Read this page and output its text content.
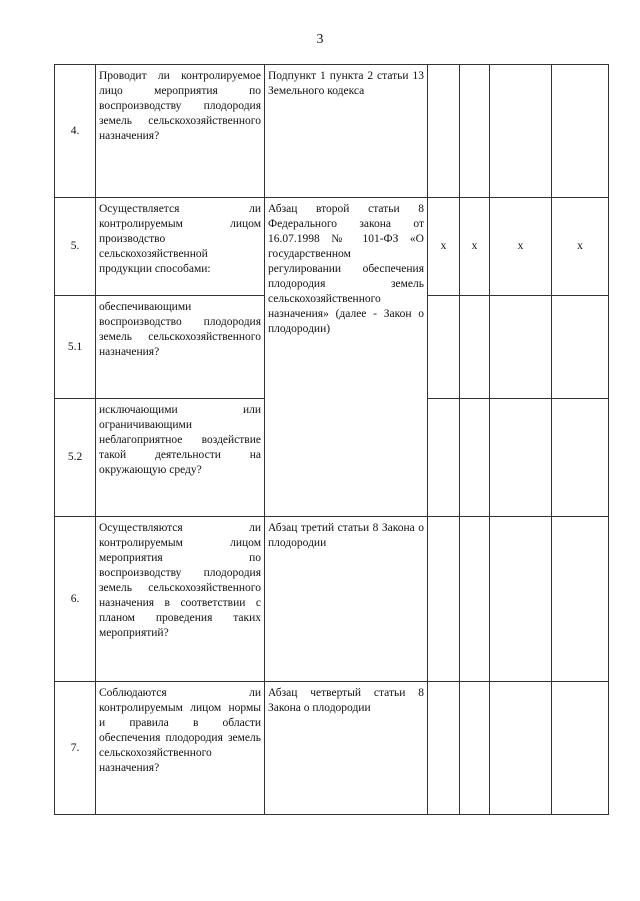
3
4.	Проводит ли контролируемое лицо мероприятия по воспроизводству плодородия земель сельскохозяйственного назначения?	Подпункт 1 пункта 2 статьи 13 Земельного кодекса				
5.	Осуществляется ли контролируемым лицом производство сельскохозяйственной продукции способами:	Абзац второй статьи 8 Федерального закона от 16.07.1998 № 101-ФЗ «О государственном регулировании обеспечения плодородия земель сельскохозяйственного назначения» (далее - Закон о плодородии)	х	х	х	х
5.1	обеспечивающими воспроизводство плодородия земель сельскохозяйственного назначения?					
5.2	исключающими или ограничивающими неблагоприятное воздействие такой деятельности на окружающую среду?					
6.	Осуществляются ли контролируемым лицом мероприятия по воспроизводству плодородия земель сельскохозяйственного назначения в соответствии с планом проведения таких мероприятий?	Абзац третий статьи 8 Закона о плодородии				
7.	Соблюдаются ли контролируемым лицом нормы и правила в области обеспечения плодородия земель сельскохозяйственного назначения?	Абзац четвертый статьи 8 Закона о плодородии				
